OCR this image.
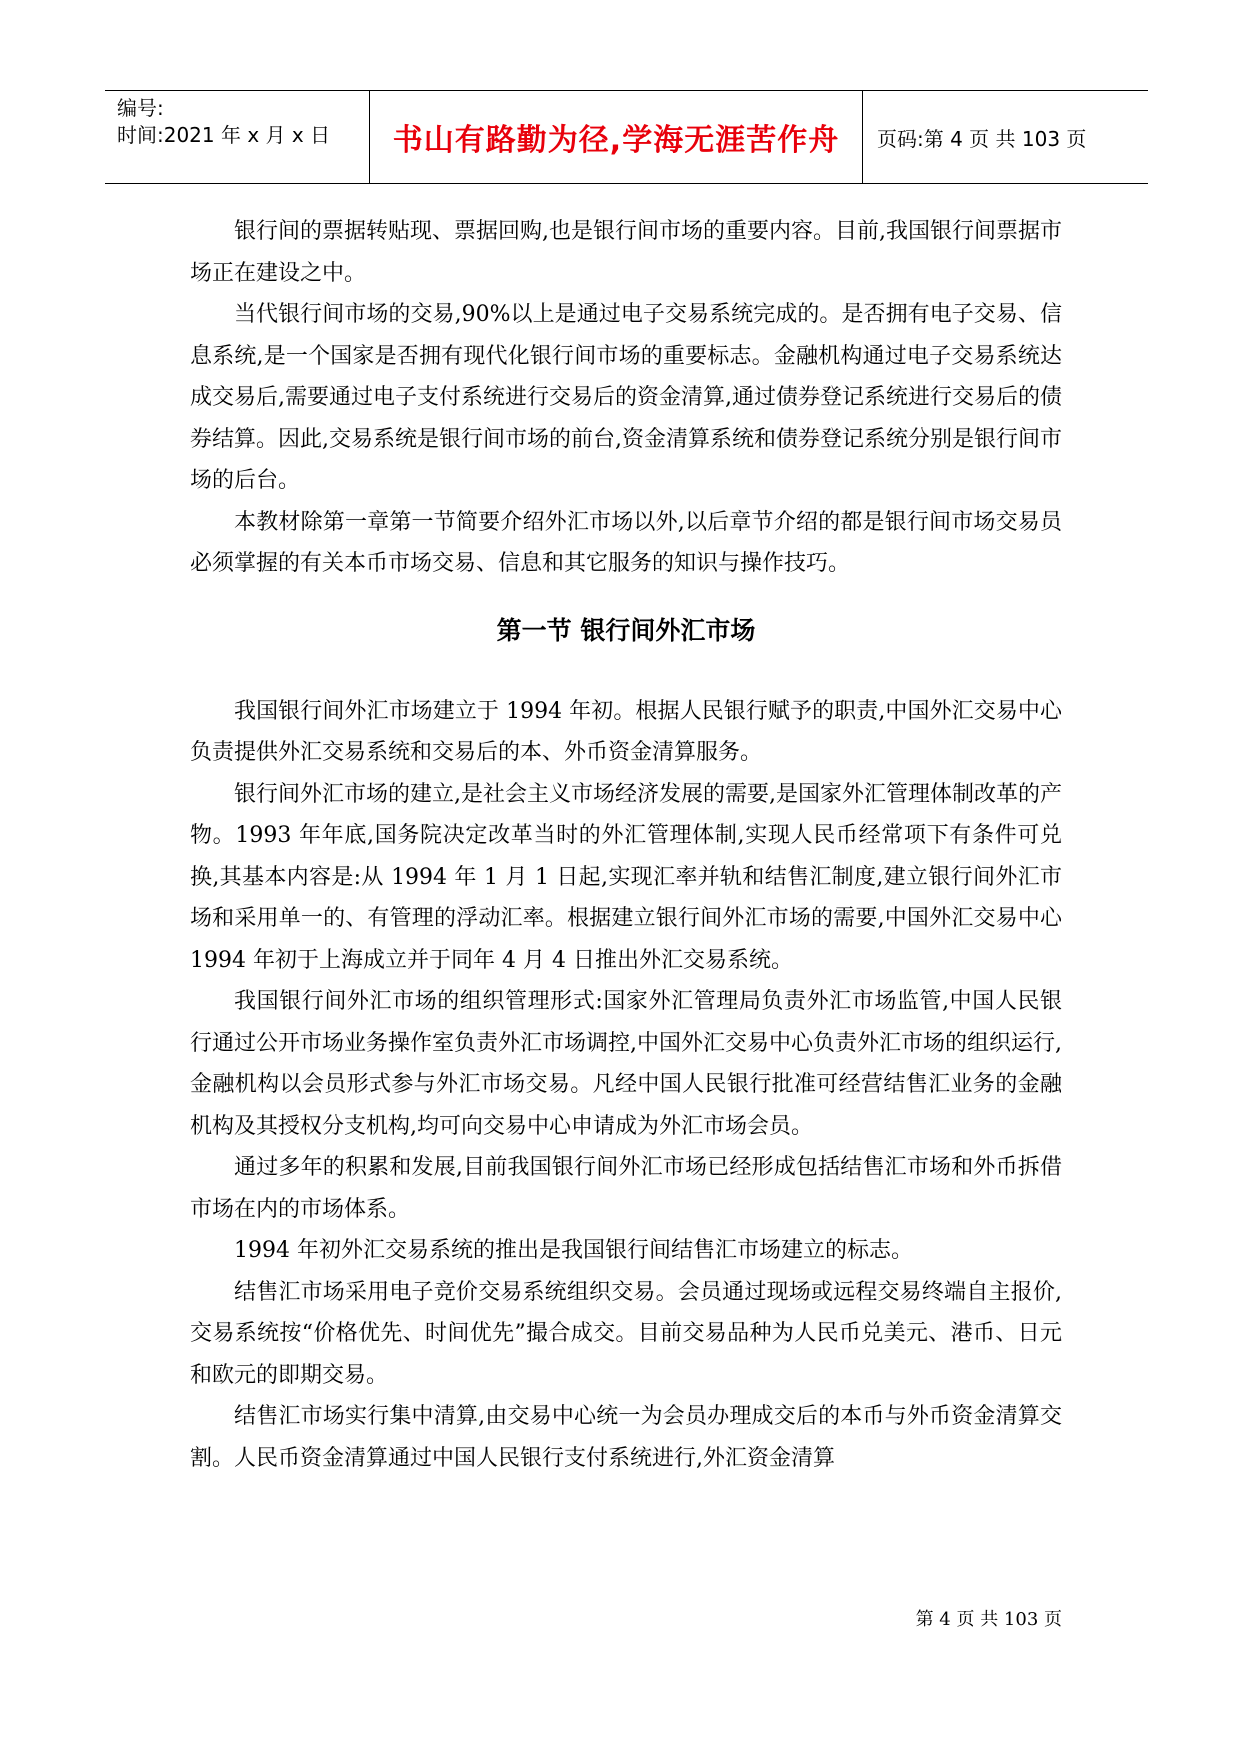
编号:
时间:2021 年 x 月 x 日	书山有路勤为径,学海无涯苦作舟	页码:第 4 页 共 103 页

银行间的票据转贴现、票据回购,也是银行间市场的重要内容。目前,我国银行间票据市场正在建设之中。

当代银行间市场的交易,90%以上是通过电子交易系统完成的。是否拥有电子交易、信息系统,是一个国家是否拥有现代化银行间市场的重要标志。金融机构通过电子交易系统达成交易后,需要通过电子支付系统进行交易后的资金清算,通过债券登记系统进行交易后的债券结算。因此,交易系统是银行间市场的前台,资金清算系统和债券登记系统分别是银行间市场的后台。

本教材除第一章第一节简要介绍外汇市场以外,以后章节介绍的都是银行间市场交易员必须掌握的有关本币市场交易、信息和其它服务的知识与操作技巧。

第一节 银行间外汇市场

我国银行间外汇市场建立于 1994 年初。根据人民银行赋予的职责,中国外汇交易中心负责提供外汇交易系统和交易后的本、外币资金清算服务。

银行间外汇市场的建立,是社会主义市场经济发展的需要,是国家外汇管理体制改革的产物。1993 年年底,国务院决定改革当时的外汇管理体制,实现人民币经常项下有条件可兑换,其基本内容是:从 1994 年 1 月 1 日起,实现汇率并轨和结售汇制度,建立银行间外汇市场和采用单一的、有管理的浮动汇率。根据建立银行间外汇市场的需要,中国外汇交易中心 1994 年初于上海成立并于同年 4 月 4 日推出外汇交易系统。

我国银行间外汇市场的组织管理形式:国家外汇管理局负责外汇市场监管,中国人民银行通过公开市场业务操作室负责外汇市场调控,中国外汇交易中心负责外汇市场的组织运行,金融机构以会员形式参与外汇市场交易。凡经中国人民银行批准可经营结售汇业务的金融机构及其授权分支机构,均可向交易中心申请成为外汇市场会员。

通过多年的积累和发展,目前我国银行间外汇市场已经形成包括结售汇市场和外币拆借市场在内的市场体系。

1994 年初外汇交易系统的推出是我国银行间结售汇市场建立的标志。

结售汇市场采用电子竞价交易系统组织交易。会员通过现场或远程交易终端自主报价,交易系统按“价格优先、时间优先”撮合成交。目前交易品种为人民币兑美元、港币、日元和欧元的即期交易。

结售汇市场实行集中清算,由交易中心统一为会员办理成交后的本币与外币资金清算交割。人民币资金清算通过中国人民银行支付系统进行,外汇资金清算

第 4 页 共 103 页
